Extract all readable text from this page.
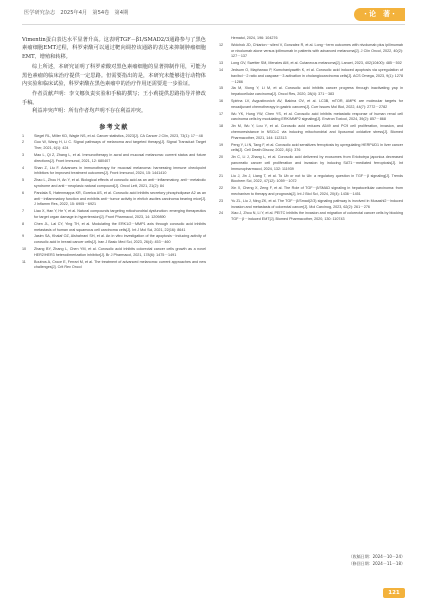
医学研究杂志　2025年4月　第54卷　第4期	・论　著・

Vimentin蛋白表达水平显著升高。这表明TGF－β1/SMAD2/3通路参与了黑色素瘤细胞EMT过程，科罗索酸可以通过靶向调控该通路的表达来抑制肿瘤细胞EMT、增殖和转移。

综上所述，本研究证明了科罗索酸对黑色素瘤细胞的显著抑制作用，可能为黑色素瘤的临床治疗提供一定思路。但需要指出的是，本研究未能够进行动物体内实验和临床试验，科罗索酸在黑色素瘤中的治疗作用还需要进一步验证。

作者贡献声明：李文娜负责实验和手稿的撰写；王小莉提供思路指导并修改手稿。

利益冲突声明：所有作者均声明不存在利益冲突。

参考文献
1	Siegel RL, Miller KD, Wagle NS, et al. Cancer statistics, 2023[J]. CA Cancer J Clin, 2023, 73(1): 17－48
2	Guo W, Wang H, Li C. Signal pathways of melanoma and targeted therapy[J]. Signal Transduct Target Ther, 2021, 6(1): 424
3	Mao L, Qi Z, Zhang L, et al. Immunotherapy in acral and mucosal melanoma: current status and future directions[J]. Front Immunol, 2021, 12: 680407
4	Shan Z, Liu F. Advances in immunotherapy for mucosal melanoma: harnessing immune checkpoint inhibitors for improved treatment outcomes[J]. Front Immunol, 2024, 15: 1441410
5	Zhao L, Zhou H, An Y, et al. Biological effects of corosolic acid as an anti－inflammatory, anti－metabolic syndrome and anti－neoplasic natural compound[J]. Oncol Lett, 2021, 21(2): 84
6	Pandala S, Hatenmappa KR, Gorelca AS, et al. Corosolic acid inhibits secretory phospholipase A2 as an anti－inflammatory function and exhibits anti－tumor activity in ehrlich ascites carcinoma bearing mice[J]. J Inflamm Res, 2022, 15: 6905－6921
7	Liao X, Han Y, He Y, et al. Natural compounds targeting mitochondrial dysfunction: emerging therapeutics for target organ damage in hypertension[J]. Front Pharmacol, 2023, 14: 1209890
8	Chen JL, Lai CY, Ying TH, et al. Modulating the ERK1/2－MMP1 axis through corosolic acid inhibits metastasis of human oral squamous cell carcinoma cells[J]. Int J Mol Sci, 2021, 22(16): 8641
9	Jasim SA, Khalaf OZ, Alshahrani SH, et al. An in vitro investigation of the apoptosis－inducing activity of corosolic acid in breast cancer cells[J]. Iran J Basic Med Sci, 2023, 26(4): 453－460
10	Zhang BY, Zhang L, Chen YM, et al. Corosolic acid inhibits colorectal cancer cells growth as a novel HER2/HER3 heterodimerization inhibitor[J]. Br J Pharmacol, 2021, 178(6): 1475－1491
11	Boutros A, Croce E, Ferrari M, et al. The treatment of advanced melanoma: current approaches and new challenges[J]. Crit Rev Oncol
Hematol, 2024, 196: 104276
12	Wolchok JD, Chiarion－sileni V, Gonzalez R, et al. Long－term outcomes with nivolumab plus ipilimumab or nivolumab alone versus ipilimumab in patients with advanced melanoma[J]. J Clin Oncol, 2022, 40(2): 127－137
13	Long GV, Swetter SM, Menzies AM, et al. Cutaneous melanoma[J]. Lancet, 2023, 402(10400): 485－502
14	Jedsum O, Maphanao P, Kumchaniyawith K, et al. Corosolic acid induced apoptosis via upregulation of bax/bcl－2 ratio and caspase－3 activation in cholangiocarcinoma cells[J]. ACS Omega, 2023, 9(1): 1278－1286
15	Jia M, Xiong Y, Li M, et al. Corosolic acid inhibits cancer progress through inactivating yap in hepatocellular carcinoma[J]. Oncol Res, 2020, 28(4): 371－383
16	Spirina LV, Avgustinovich AV, Bakina OV, et al. LC3B, mTOR, AMPK are molecular targets for neoadjuvant chemotherapy in gastric cancers[J]. Curr Issues Mol Biol, 2022, 44(7): 2772－2782
17	Wu YK, Hung YW, Chen YS, et al. Corosolic acid inhibits metastatic response of human renal cell carcinoma cells by modulating ERK/MMP2 signaling[J]. Environ Toxicol, 2024, 39(2): 857－868
18	Jin M, Wu Y, Lou Y, et al. Corosolic acid reduces A549 and PC9 cell proliferation, invasion, and chemoresistance in NSCLC via inducing mitochondrial and liposomal oxidative stress[J]. Biomed Pharmacother, 2021, 144: 112313
19	Peng Y, Li N, Tang F, et al. Corosolic acid sensitizes ferroptosis by upregulating HERPUD1 in liver cancer cells[J]. Cell Death Discov, 2022, 8(1): 376
20	Jin C, Li J, Zhang L, et al. Corosolic acid delivered by exosomes from Eriobotrya japonica decreased pancreatic cancer cell proliferation and invasion by inducing SAT1－mediated ferroptosis[J]. Int Immunopharmacol, 2024, 132: 111939
21	Liu J, Jin J, Liang T, et al. To Ub or not to Ub: a regulatory question in TGF－β signaling[J]. Trends Biochem Sci, 2022, 47(12): 1059－1072
22	Xin X, Cheng X, Zeng F, et al. The Role of TGF－β/SMAD signaling in hepatocellular carcinoma: from mechanism to therapy and prognosis[J]. Int J Biol Sci, 2024, 20(4): 1436－1451
23	Yu ZL, Liu J, Ning ZK, et al. The TGF－β/Smad(2/3) signaling pathway is involved in Musashi2－induced invasion and metastasis of colorectal cancer[J]. Mol Carcinog, 2023, 62(2): 261－276
24	Xiao J, Zhou N, Li Y, et al. PEITC inhibits the invasion and migration of colorectal cancer cells by blocking TGF－β－induced EMT[J]. Biomed Pharmacother, 2020, 130: 110743
（收稿日期：2024－10－24）
（修回日期：2024－11－18）
121
